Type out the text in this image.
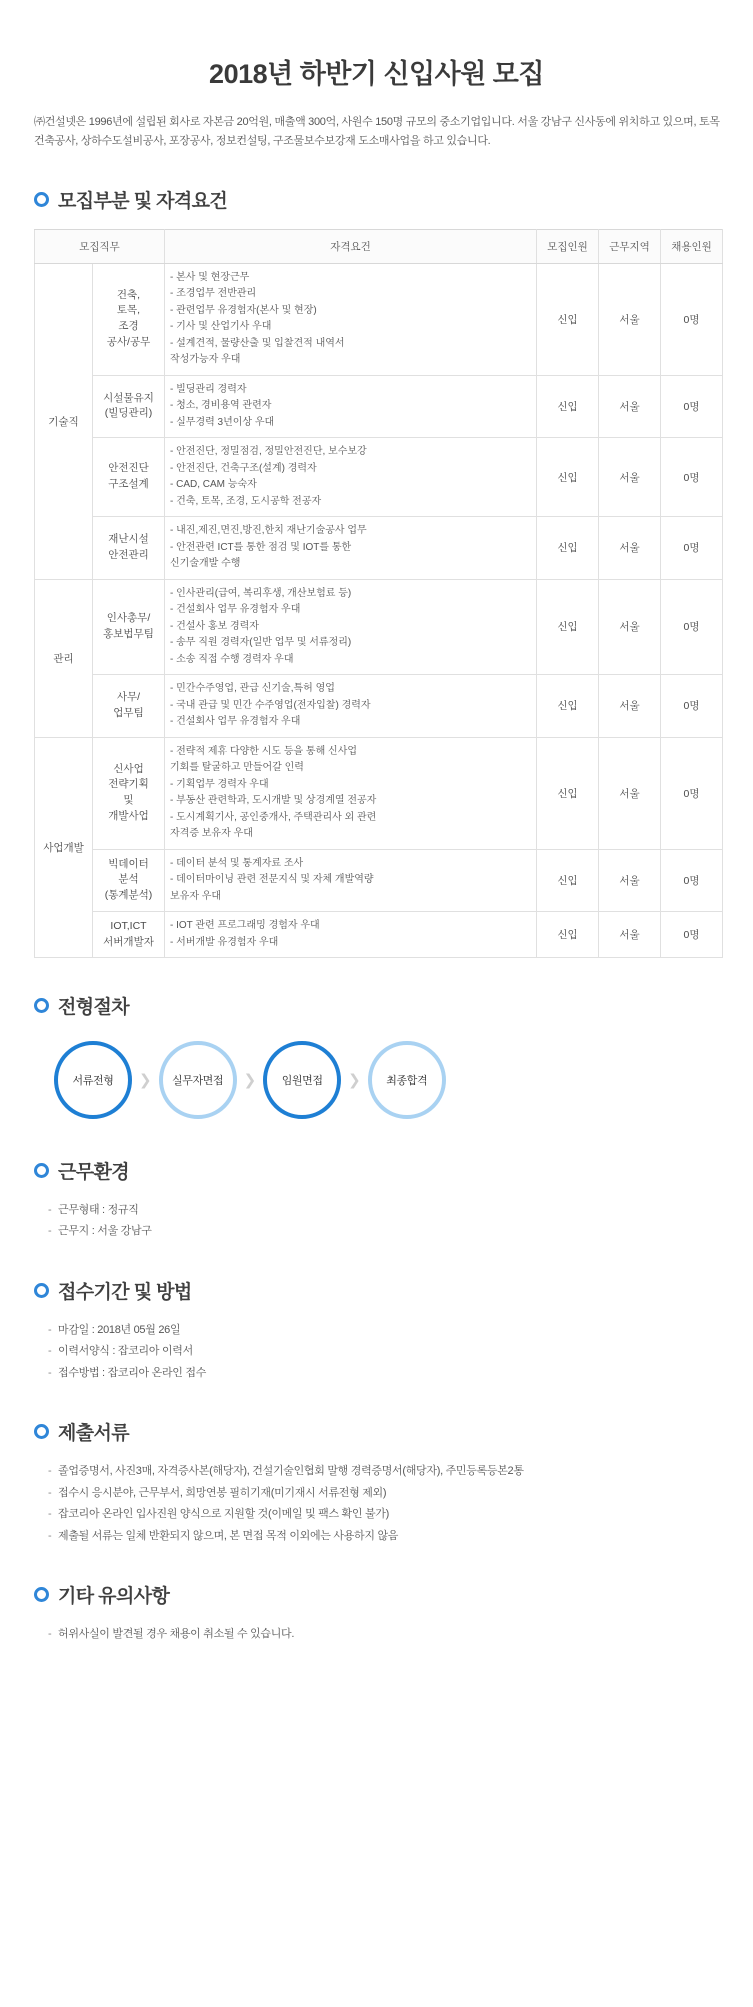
2018년 하반기 신입사원 모집
㈜건설넷은 1996년에 설립된 회사로 자본금 20억원, 매출액 300억, 사원수 150명 규모의 중소기업입니다. 서울 강남구 신사동에 위치하고 있으며, 토목건축공사, 상하수도설비공사, 포장공사, 정보컨설팅, 구조물보수보강재 도소매사업을 하고 있습니다.
모집부분 및 자격요건
모집직무		자격요건	모집인원	근무지역	채용인원
기술직	건축,
토목,
조경
공사/공무	- 본사 및 현장근무
- 조경업무 전반관리
- 관련업무 유경험자(본사 및 현장)
- 기사 및 산업기사 우대
- 설계견적, 물량산출 및 입찰견적 내역서
작성가능자 우대	신입	서울	0명
	시설물유지
(빌딩관리)	- 빌딩관리 경력자
- 청소, 경비용역 관련자
- 실무경력 3년이상 우대	신입	서울	0명
	안전진단
구조설계	- 안전진단, 정밀점검, 정밀안전진단, 보수보강
- 안전진단, 건축구조(설계) 경력자
- CAD, CAM 능숙자
- 건축, 토목, 조경, 도시공학 전공자	신입	서울	0명
	재난시설
안전관리	- 내진,제진,면진,방진,한치 재난기술공사 업무
- 안전관련 ICT를 통한 점검 및 IOT를 통한
신기술개발 수행	신입	서울	0명
관리	인사총무/
홍보법무팀	- 인사관리(급여, 복리후생, 개산보험료 등)
- 건설회사 업무 유경험자 우대
- 건설사 홍보 경력자
- 송무 직원 경력자(일반 업무 및 서류정리)
- 소송 직접 수행 경력자 우대	신입	서울	0명
	사무/
업무팀	- 민간수주영업, 관급 신기술,특허 영업
- 국내 관급 및 민간 수주영업(전자입찰) 경력자
- 건설회사 업무 유경험자 우대	신입	서울	0명
사업개발	신사업
전략기획
및
개발사업	- 전략적 제휴 다양한 시도 등을 통해 신사업
기회를 탈굴하고 만들어갈 인력
- 기획업무 경력자 우대
- 부동산 관련학과, 도시개발 및 상경계열 전공자
- 도시계획기사, 공인중개사, 주택관리사 외 관련
자격증 보유자 우대	신입	서울	0명
	빅데이터
분석
(통계분석)	- 데이터 분석 및 통계자료 조사
- 데이터마이닝 관련 전문지식 및 자체 개발역량
보유자 우대	신입	서울	0명
	IOT,ICT
서버개발자	- IOT 관련 프로그래밍 경험자 우대
- 서버개발 유경험자 우대	신입	서울	0명
전형절차
서류전형	❯	실무자면접	❯	임원면접	❯	최종합격
근무환경
- 근무형태 : 정규직
- 근무지 : 서울 강남구
접수기간 및 방법
- 마감일 : 2018년 05월 26일
- 이력서양식 : 잡코리아 이력서
- 접수방법 : 잡코리아 온라인 접수
제출서류
- 졸업증명서, 사진3매, 자격증사본(해당자), 건설기술인협회 말행 경력증명서(해당자), 주민등록등본2통
- 접수시 응시분야, 근무부서, 희망연봉 필히기재(미기재시 서류전형 제외)
- 잡코리아 온라인 입사진원 양식으로 지원할 것(이메일 및 팩스 확인 불가)
- 제출될 서류는 일체 반환되지 않으며, 본 면접 목적 이외에는 사용하지 않음
기타 유의사항
- 허위사실이 발견될 경우 채용이 취소될 수 있습니다.
